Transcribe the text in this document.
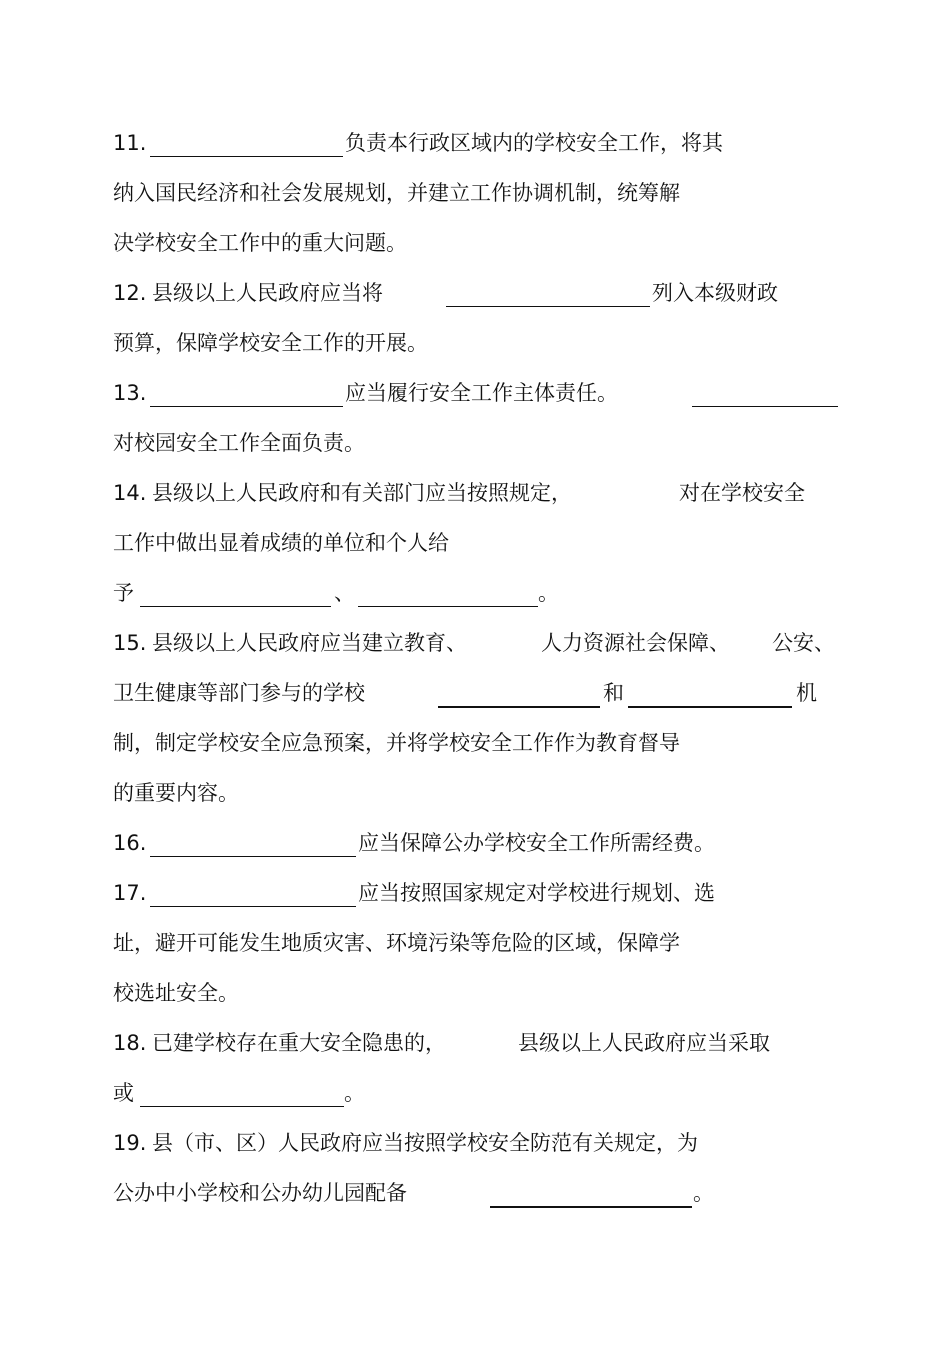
11.	负责本行政区域内的学校安全工作，将其
纳入国民经济和社会发展规划，并建立工作协调机制，统筹解
决学校安全工作中的重大问题。
12. 县级以上人民政府应当将	列入本级财政
预算，保障学校安全工作的开展。
13.	应当履行安全工作主体责任。
对校园安全工作全面负责。
14. 县级以上人民政府和有关部门应当按照规定，	对在学校安全
工作中做出显着成绩的单位和个人给
予	、	。
15. 县级以上人民政府应当建立教育、	人力资源社会保障、 公安、
卫生健康等部门参与的学校	和	机
制，制定学校安全应急预案，并将学校安全工作作为教育督导
的重要内容。
16.	应当保障公办学校安全工作所需经费。
17.	应当按照国家规定对学校进行规划、选
址，避开可能发生地质灾害、环境污染等危险的区域，保障学
校选址安全。
18. 已建学校存在重大安全隐患的，	县级以上人民政府应当采取
或	。
19. 县（市、区）人民政府应当按照学校安全防范有关规定，为
公办中小学校和公办幼儿园配备	。
